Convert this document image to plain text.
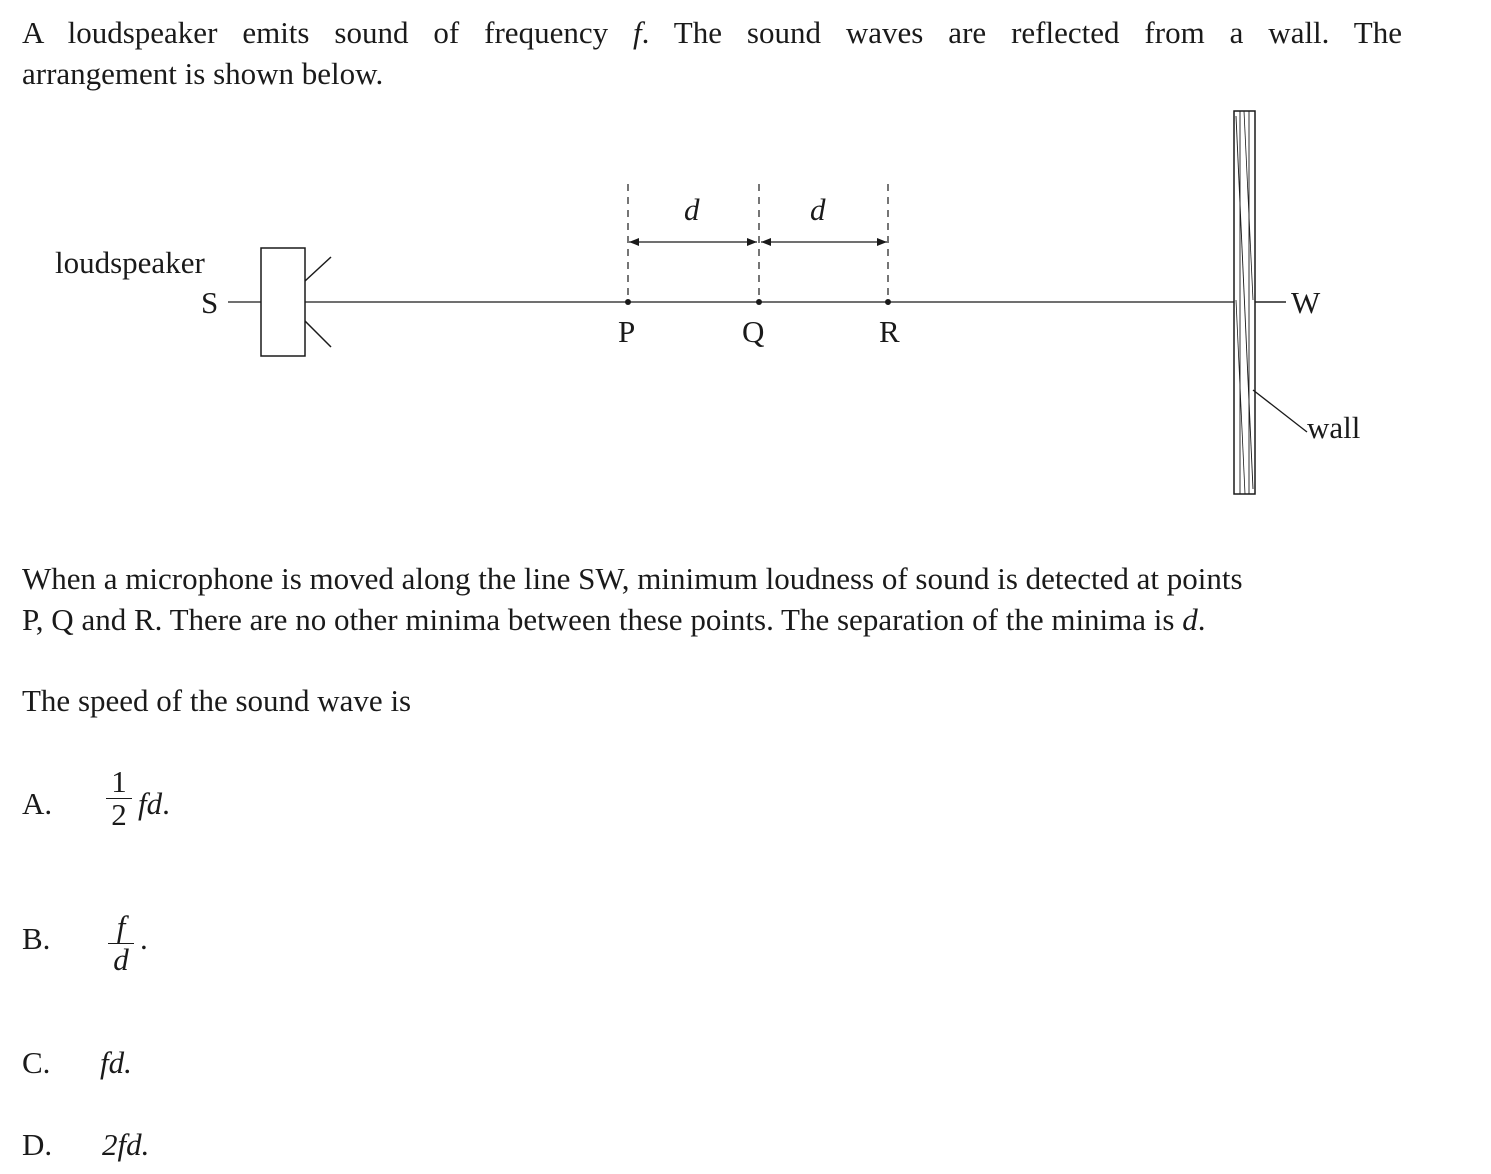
A loudspeaker emits sound of frequency f. The sound waves are reflected from a wall. The
arrangement is shown below.

loudspeaker
S
d	d
P	Q	R
W
wall

When a microphone is moved along the line SW, minimum loudness of sound is detected at points
P, Q and R. There are no other minima between these points. The separation of the minima is d.

The speed of the sound wave is

A.
1
2 fd.
B. f
d
.
C. fd.
D. 2fd.
